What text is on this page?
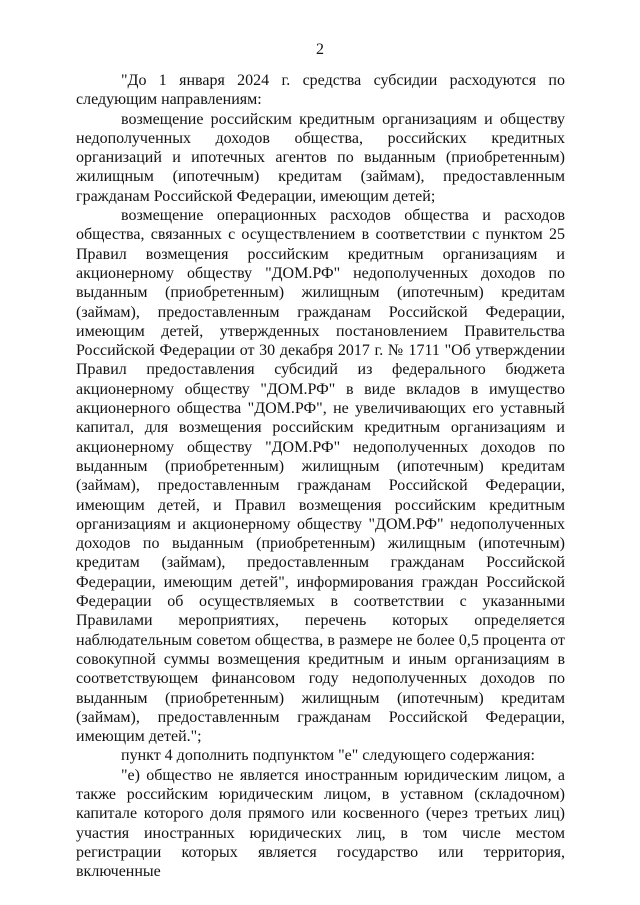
2

"До 1 января 2024 г. средства субсидии расходуются по следующим направлениям:

возмещение российским кредитным организациям и обществу недополученных доходов общества, российских кредитных организаций и ипотечных агентов по выданным (приобретенным) жилищным (ипотечным) кредитам (займам), предоставленным гражданам Российской Федерации, имеющим детей;

возмещение операционных расходов общества и расходов общества, связанных с осуществлением в соответствии с пунктом 25 Правил возмещения российским кредитным организациям и акционерному обществу "ДОМ.РФ" недополученных доходов по выданным (приобретенным) жилищным (ипотечным) кредитам (займам), предоставленным гражданам Российской Федерации, имеющим детей, утвержденных постановлением Правительства Российской Федерации от 30 декабря 2017 г. № 1711 "Об утверждении Правил предоставления субсидий из федерального бюджета акционерному обществу "ДОМ.РФ" в виде вкладов в имущество акционерного общества "ДОМ.РФ", не увеличивающих его уставный капитал, для возмещения российским кредитным организациям и акционерному обществу "ДОМ.РФ" недополученных доходов по выданным (приобретенным) жилищным (ипотечным) кредитам (займам), предоставленным гражданам Российской Федерации, имеющим детей, и Правил возмещения российским кредитным организациям и акционерному обществу "ДОМ.РФ" недополученных доходов по выданным (приобретенным) жилищным (ипотечным) кредитам (займам), предоставленным гражданам Российской Федерации, имеющим детей", информирования граждан Российской Федерации об осуществляемых в соответствии с указанными Правилами мероприятиях, перечень которых определяется наблюдательным советом общества, в размере не более 0,5 процента от совокупной суммы возмещения кредитным и иным организациям в соответствующем финансовом году недополученных доходов по выданным (приобретенным) жилищным (ипотечным) кредитам (займам), предоставленным гражданам Российской Федерации, имеющим детей.";

пункт 4 дополнить подпунктом "е" следующего содержания:

"е) общество не является иностранным юридическим лицом, а также российским юридическим лицом, в уставном (складочном) капитале которого доля прямого или косвенного (через третьих лиц) участия иностранных юридических лиц, в том числе местом регистрации которых является государство или территория, включенные
